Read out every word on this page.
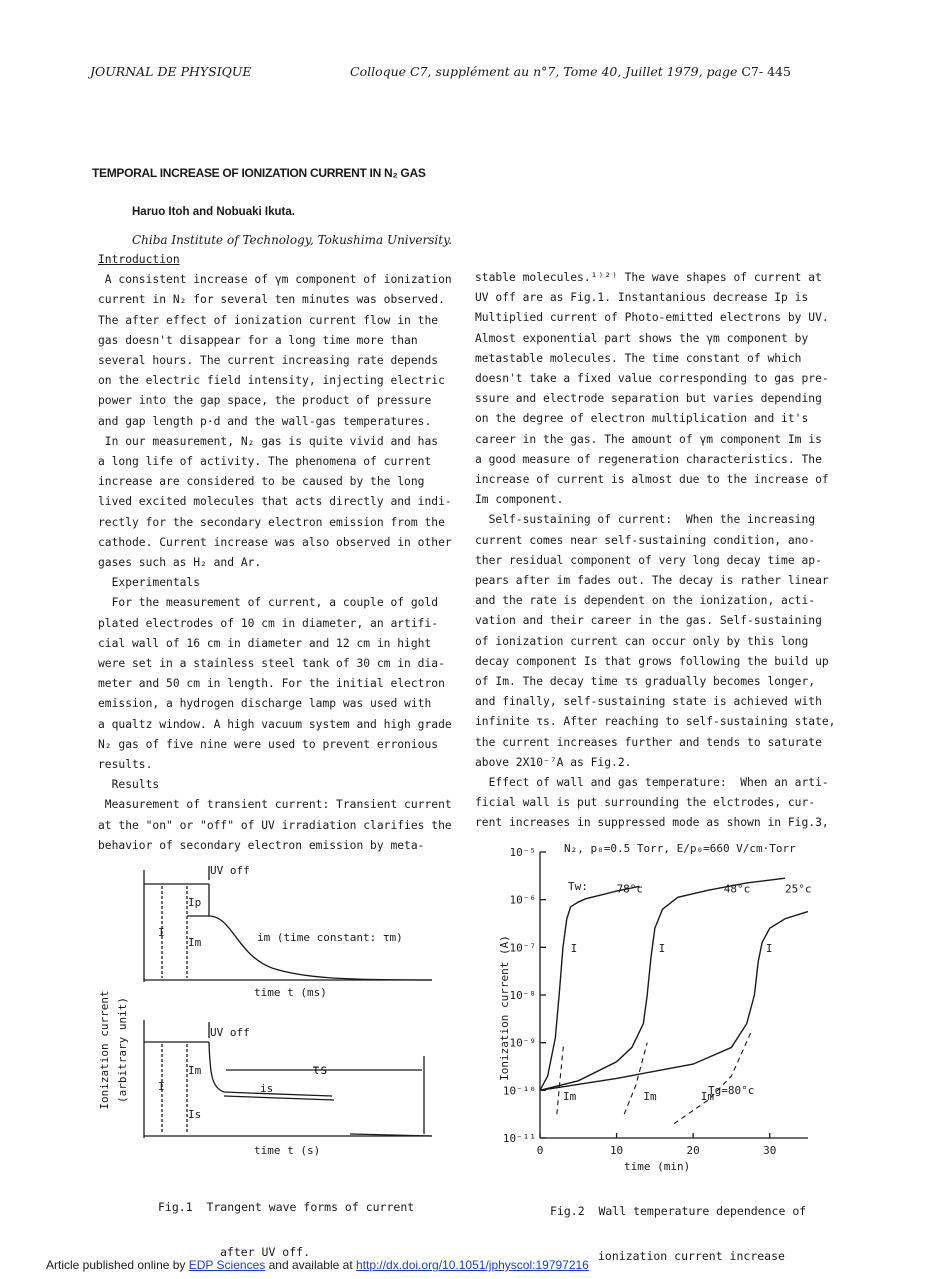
JOURNAL DE PHYSIQUE	Colloque C7, supplément au n°7, Tome 40, Juillet 1979, page C7- 445
TEMPORAL INCREASE OF IONIZATION CURRENT IN N₂ GAS
Haruo Itoh and Nobuaki Ikuta.
Chiba Institute of Technology, Tokushima University.

Introduction

A consistent increase of γm component of ionization

current in N₂ for several ten minutes was observed.

The after effect of ionization current flow in the

gas doesn't disappear for a long time more than

several hours. The current increasing rate depends

on the electric field intensity, injecting electric

power into the gap space, the product of pressure

and gap length p·d and the wall-gas temperatures.

In our measurement, N₂ gas is quite vivid and has

a long life of activity. The phenomena of current

increase are considered to be caused by the long

lived excited molecules that acts directly and indi-

rectly for the secondary electron emission from the

cathode. Current increase was also observed in other

gases such as H₂ and Ar.

Experimentals

For the measurement of current, a couple of gold

plated electrodes of 10 cm in diameter, an artifi-

cial wall of 16 cm in diameter and 12 cm in hight

were set in a stainless steel tank of 30 cm in dia-

meter and 50 cm in length. For the initial electron

emission, a hydrogen discharge lamp was used with

a qualtz window. A high vacuum system and high grade

N₂ gas of five nine were used to prevent erronious

results.

Results

Measurement of transient current: Transient current

at the "on" or "off" of UV irradiation clarifies the

behavior of secondary electron emission by meta-

stable molecules.¹⁾²⁾ The wave shapes of current at

UV off are as Fig.1. Instantanious decrease Ip is

Multiplied current of Photo-emitted electrons by UV.

Almost exponential part shows the γm component by

metastable molecules. The time constant of which

doesn't take a fixed value corresponding to gas pre-

ssure and electrode separation but varies depending

on the degree of electron multiplication and it's

career in the gas. The amount of γm component Im is

a good measure of regeneration characteristics. The

increase of current is almost due to the increase of

Im component.

Self-sustaining of current:  When the increasing

current comes near self-sustaining condition, ano-

ther residual component of very long decay time ap-

pears after im fades out. The decay is rather linear

and the rate is dependent on the ionization, acti-

vation and their career in the gas. Self-sustaining

of ionization current can occur only by this long

decay component Is that grows following the build up

of Im. The decay time τs gradually becomes longer,

and finally, self-sustaining state is achieved with

infinite τs. After reaching to self-sustaining state,

the current increases further and tends to saturate

above 2X10⁻⁷A as Fig.2.

Effect of wall and gas temperature:  When an arti-

ficial wall is put surrounding the elctrodes, cur-

rent increases in suppressed mode as shown in Fig.3,

UV off
Ip
I
Im	im (time constant: τm)
time t (ms)
UV off
Im
I
Is
is
τs
time t (s)
Ionization current (arbitrary unit)

Fig.1  Trangent wave forms of current

after UV off.

10⁻⁵
10⁻⁶
10⁻⁷
10⁻⁸
10⁻⁹
10⁻¹⁰
10⁻¹¹
0	10	20	30
78°c
I
Im
48°c
I
Im
25°c
I
Im
N₂, p₀=0.5 Torr, E/p₀=660 V/cm·Torr
time (min)
Ionization current (A)
Tw:
Tg=80°c

Fig.2  Wall temperature dependence of

ionization current increase

Article published online by EDP Sciences and available at http://dx.doi.org/10.1051/jphyscol:19797216
